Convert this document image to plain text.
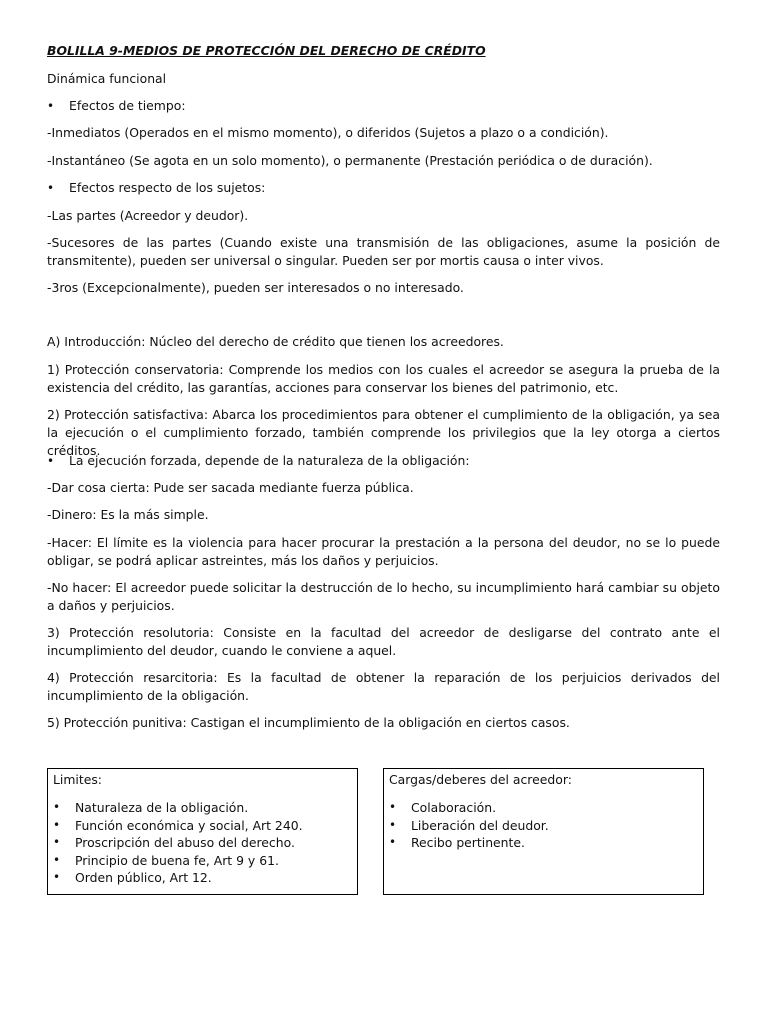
BOLILLA 9-MEDIOS DE PROTECCIÓN DEL DERECHO DE CRÉDITO

Dinámica funcional

• Efectos de tiempo:

-Inmediatos (Operados en el mismo momento), o diferidos (Sujetos a plazo o a condición).

-Instantáneo (Se agota en un solo momento), o permanente (Prestación periódica o de duración).

• Efectos respecto de los sujetos:

-Las partes (Acreedor y deudor).

-Sucesores de las partes (Cuando existe una transmisión de las obligaciones, asume la posición de transmitente), pueden ser universal o singular. Pueden ser por mortis causa o inter vivos.

-3ros (Excepcionalmente), pueden ser interesados o no interesado.

A) Introducción: Núcleo del derecho de crédito que tienen los acreedores.

1) Protección conservatoria: Comprende los medios con los cuales el acreedor se asegura la prueba de la existencia del crédito, las garantías, acciones para conservar los bienes del patrimonio, etc.

2) Protección satisfactiva: Abarca los procedimientos para obtener el cumplimiento de la obligación, ya sea la ejecución o el cumplimiento forzado, también comprende los privilegios que la ley otorga a ciertos créditos.

• La ejecución forzada, depende de la naturaleza de la obligación:

-Dar cosa cierta: Pude ser sacada mediante fuerza pública.

-Dinero: Es la más simple.

-Hacer: El límite es la violencia para hacer procurar la prestación a la persona del deudor, no se lo puede obligar, se podrá aplicar astreintes, más los daños y perjuicios.

-No hacer: El acreedor puede solicitar la destrucción de lo hecho, su incumplimiento hará cambiar su objeto a daños y perjuicios.

3) Protección resolutoria: Consiste en la facultad del acreedor de desligarse del contrato ante el incumplimiento del deudor, cuando le conviene a aquel.

4) Protección resarcitoria: Es la facultad de obtener la reparación de los perjuicios derivados del incumplimiento de la obligación.

5) Protección punitiva: Castigan el incumplimiento de la obligación en ciertos casos.

Limites:

• Naturaleza de la obligación.
• Función económica y social, Art 240.
• Proscripción del abuso del derecho.
• Principio de buena fe, Art 9 y 61.
• Orden público, Art 12.

Cargas/deberes del acreedor:

• Colaboración.
• Liberación del deudor.
• Recibo pertinente.
